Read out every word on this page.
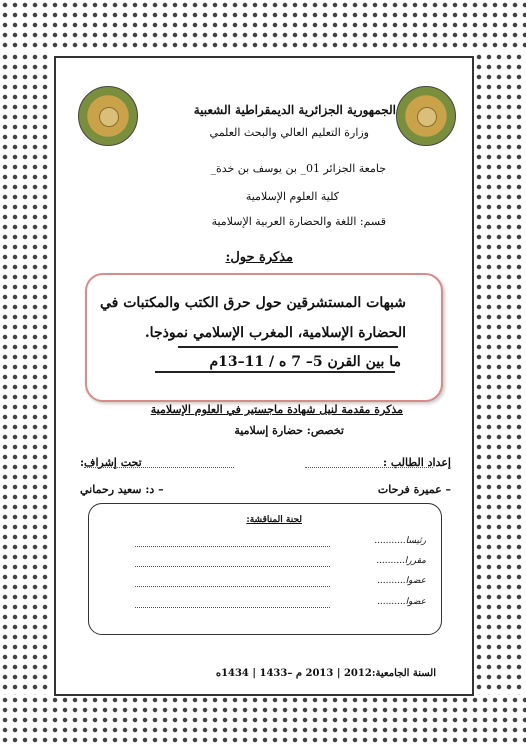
الجمهورية الجزائرية الديمقراطية الشعبية
وزارة التعليم العالي والبحث العلمي
جامعة الجزائر 01_ بن يوسف بن خدة_
كلية العلوم الإسلامية
قسم: اللغة والحضارة العربية الإسلامية
مذكرة حول:
شبهات المستشرقين حول حرق الكتب والمكتبات في
الحضارة الإسلامية، المغرب الإسلامي نموذجا.
ما بين القرن 5– 7 ه / 11–13م
مذكرة مقدمة لنيل شهادة ماجستير في العلوم الإسلامية
تخصص: حضارة إسلامية
إعداد الطالب :
تحت إشراف:
– عميرة فرحات
– د: سعيد رحماني
لجنة المناقشة:
رئيسا...........
مقررا..........
عضوا..........
عضوا..........
السنة الجامعية:2012 | 2013 م –1433 | 1434ه
